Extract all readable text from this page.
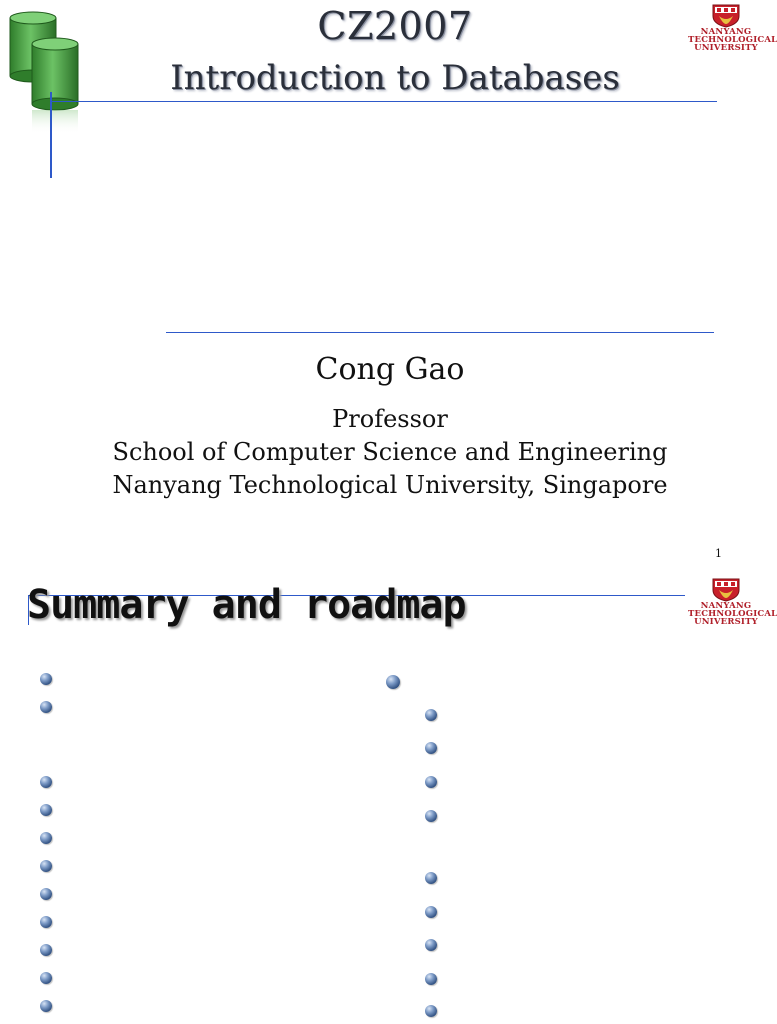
CZ2007
Introduction to Databases
NANYANG
TECHNOLOGICAL
UNIVERSITY
Cong Gao
Professor
School of Computer Science and Engineering
Nanyang Technological University, Singapore
1
Summary and roadmap	NANYANG
TECHNOLOGICAL
UNIVERSITY
